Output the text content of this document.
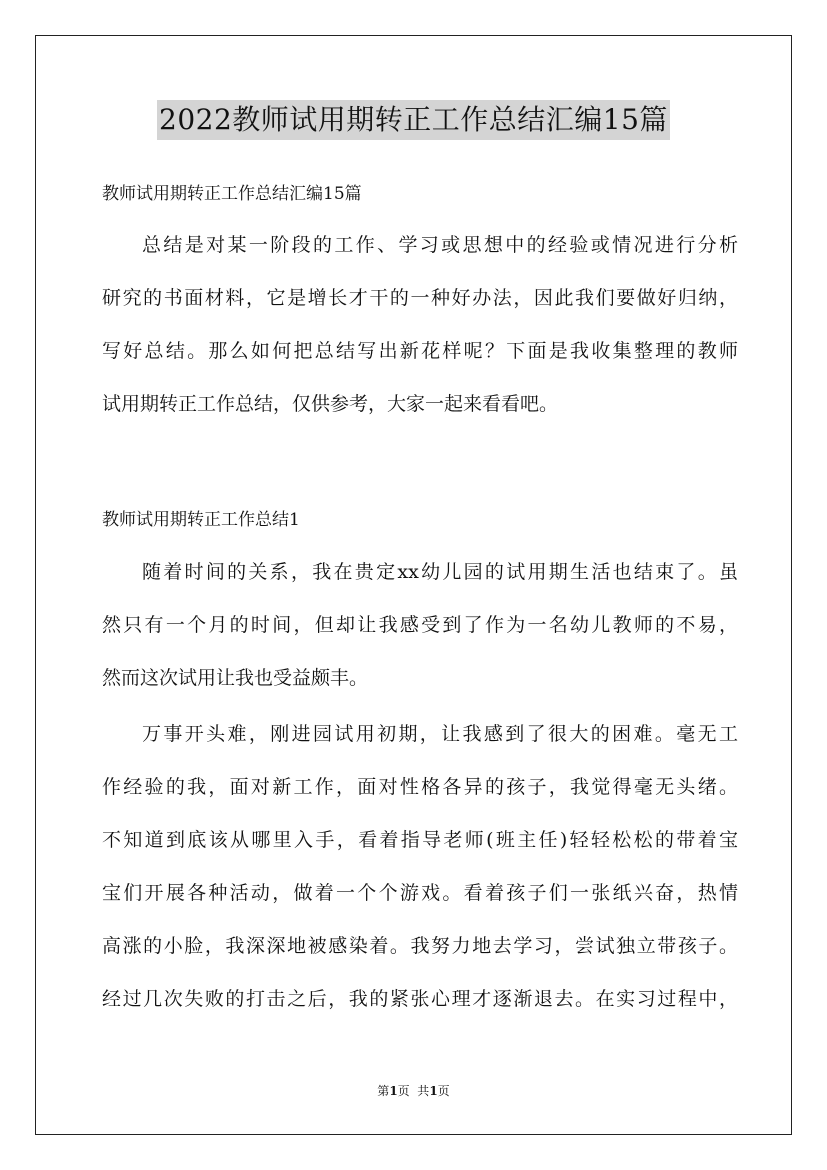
2022教师试用期转正工作总结汇编15篇
教师试用期转正工作总结汇编15篇
总结是对某一阶段的工作、学习或思想中的经验或情况进行分析
研究的书面材料，它是增长才干的一种好办法，因此我们要做好归纳，
写好总结。那么如何把总结写出新花样呢？下面是我收集整理的教师
试用期转正工作总结，仅供参考，大家一起来看看吧。
教师试用期转正工作总结1
随着时间的关系，我在贵定xx幼儿园的试用期生活也结束了。虽
然只有一个月的时间，但却让我感受到了作为一名幼儿教师的不易，
然而这次试用让我也受益颇丰。
万事开头难，刚进园试用初期，让我感到了很大的困难。毫无工
作经验的我，面对新工作，面对性格各异的孩子，我觉得毫无头绪。
不知道到底该从哪里入手，看着指导老师(班主任)轻轻松松的带着宝
宝们开展各种活动，做着一个个游戏。看着孩子们一张纸兴奋，热情
高涨的小脸，我深深地被感染着。我努力地去学习，尝试独立带孩子。
经过几次失败的打击之后，我的紧张心理才逐渐退去。在实习过程中，
第1页  共1页
